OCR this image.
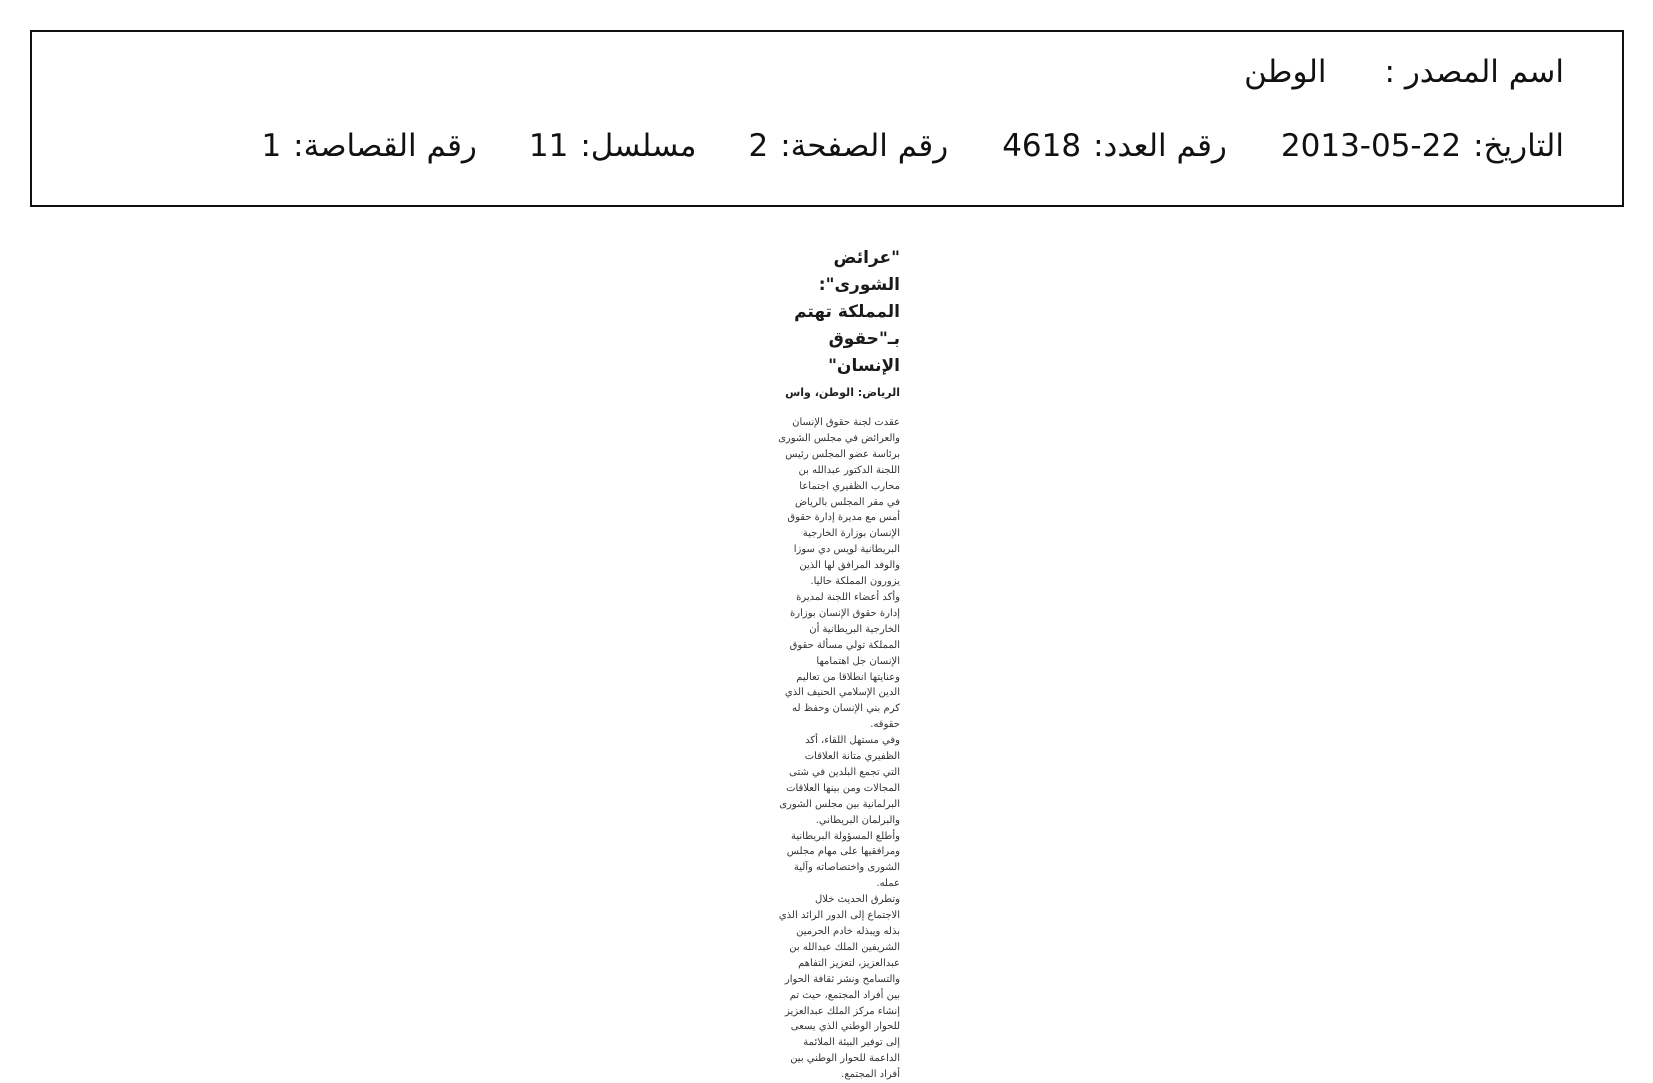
اسم المصدر :
الوطن
التاريخ:
2013-05-22
رقم العدد:
4618
رقم الصفحة:
2
مسلسل:
11
رقم القصاصة:
1
"عرائض الشورى":
المملكة تهتم
بـ"حقوق الإنسان"
الرياض: الوطن، واس
عقدت لجنة حقوق الإنسان
والعرائض في مجلس الشورى
برئاسة عضو المجلس رئيس
اللجنة الدكتور عبدالله بن
محارب الظفيري اجتماعا
في مقر المجلس بالرياض
أمس مع مديرة إدارة حقوق
الإنسان بوزارة الخارجية
البريطانية لويس دي سوزا
والوفد المرافق لها الذين
يزورون المملكة حاليا.
وأكد أعضاء اللجنة لمديرة
إدارة حقوق الإنسان بوزارة
الخارجية البريطانية أن
المملكة تولي مسألة حقوق
الإنسان جل اهتمامها
وعنايتها انطلاقا من تعاليم
الدين الإسلامي الحنيف الذي
كرم بني الإنسان وحفظ له
حقوقه.
وفي مستهل اللقاء، أكد
الظفيري متانة العلاقات
التي تجمع البلدين في شتى
المجالات ومن بينها العلاقات
البرلمانية بين مجلس الشورى
والبرلمان البريطاني.
وأطلع المسؤولة البريطانية
ومرافقيها على مهام مجلس
الشورى واختصاصاته وآلية
عمله.
وتطرق الحديث خلال
الاجتماع إلى الدور الرائد الذي
بذله ويبذله خادم الحرمين
الشريفين الملك عبدالله بن
عبدالعزيز، لتعزيز التفاهم
والتسامح ونشر ثقافة الحوار
بين أفراد المجتمع، حيث تم
إنشاء مركز الملك عبدالعزيز
للحوار الوطني الذي يسعى
إلى توفير البيئة الملائمة
الداعمة للحوار الوطني بين
أفراد المجتمع.
